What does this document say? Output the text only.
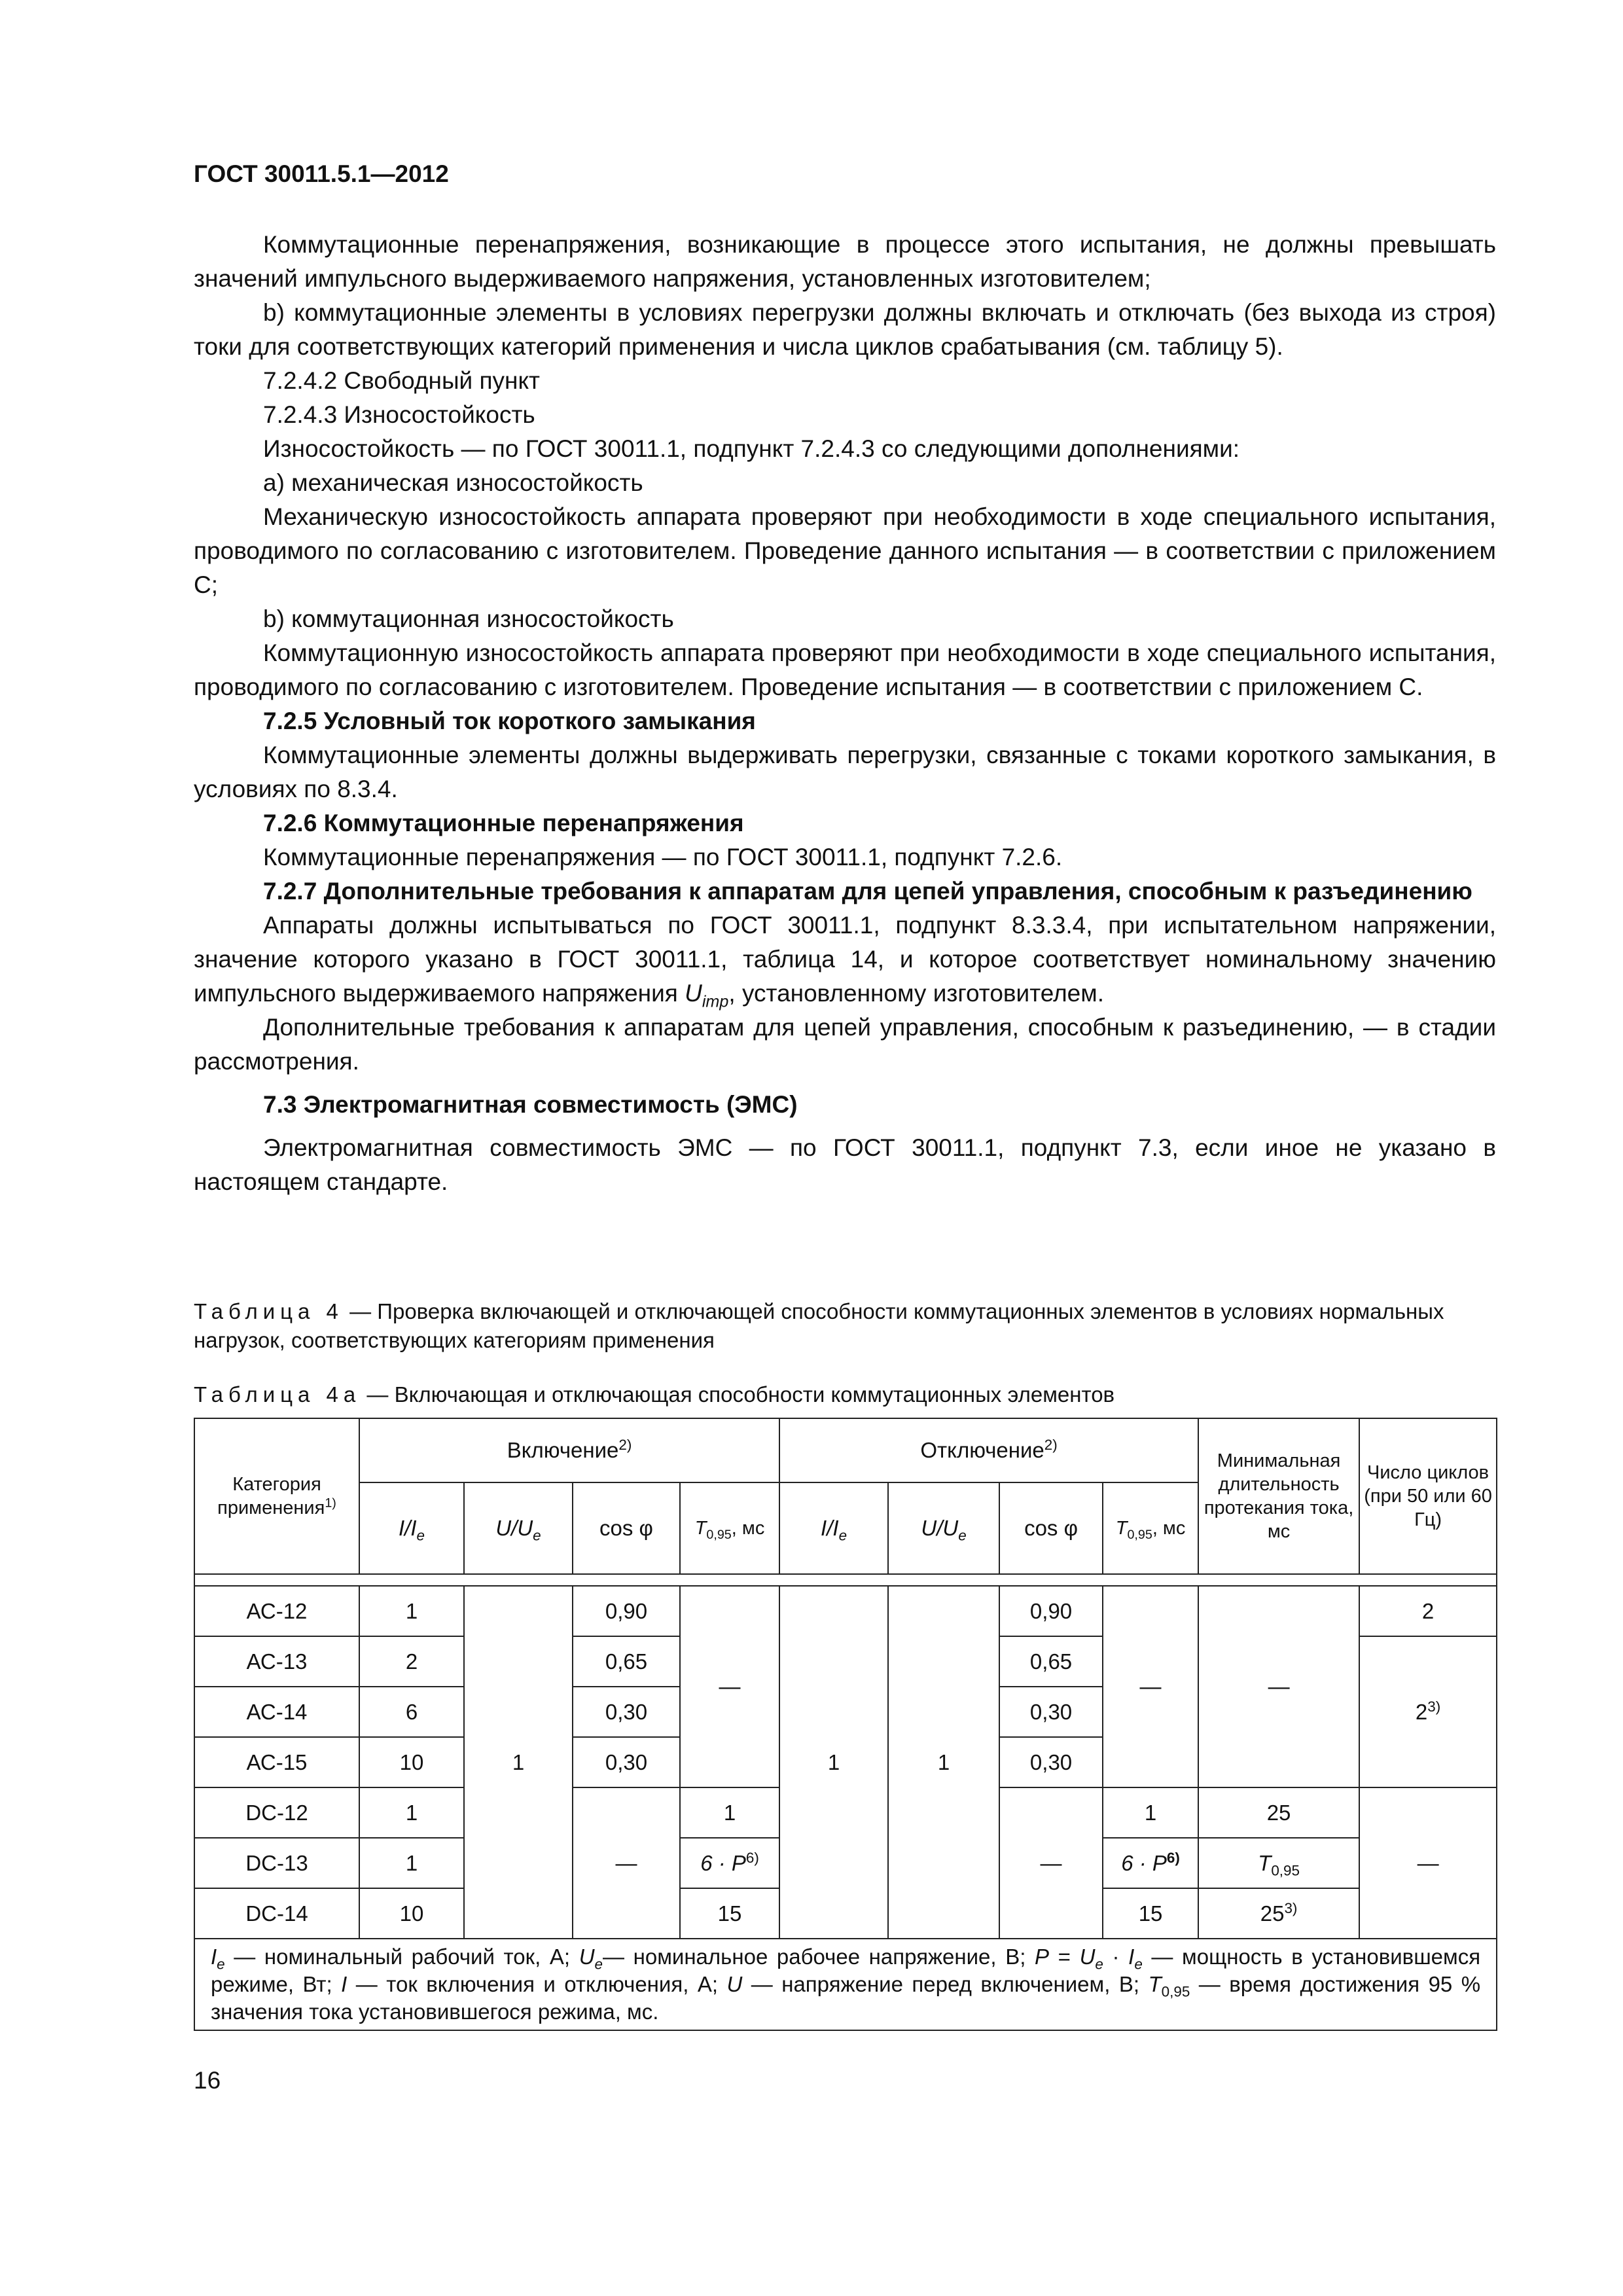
ГОСТ 30011.5.1—2012

Коммутационные перенапряжения, возникающие в процессе этого испытания, не должны превышать значений импульсного выдерживаемого напряжения, установленных изготовителем;

b) коммутационные элементы в условиях перегрузки должны включать и отключать (без выхода из строя) токи для соответствующих категорий применения и числа циклов срабатывания (см. таблицу 5).

7.2.4.2 Свободный пункт

7.2.4.3 Износостойкость

Износостойкость — по ГОСТ 30011.1, подпункт 7.2.4.3 со следующими дополнениями:

а) механическая износостойкость

Механическую износостойкость аппарата проверяют при необходимости в ходе специального испытания, проводимого по согласованию с изготовителем. Проведение данного испытания — в соответствии с приложением С;

b) коммутационная износостойкость

Коммутационную износостойкость аппарата проверяют при необходимости в ходе специального испытания, проводимого по согласованию с изготовителем. Проведение испытания — в соответствии с приложением С.

7.2.5 Условный ток короткого замыкания

Коммутационные элементы должны выдерживать перегрузки, связанные с токами короткого замыкания, в условиях по 8.3.4.

7.2.6 Коммутационные перенапряжения

Коммутационные перенапряжения — по ГОСТ 30011.1, подпункт 7.2.6.

7.2.7 Дополнительные требования к аппаратам для цепей управления, способным к разъединению

Аппараты должны испытываться по ГОСТ 30011.1, подпункт 8.3.3.4, при испытательном напряжении, значение которого указано в ГОСТ 30011.1, таблица 14, и которое соответствует номинальному значению импульсного выдерживаемого напряжения $U_{imp}$, установленному изготовителем.

Дополнительные требования к аппаратам для цепей управления, способным к разъединению, — в стадии рассмотрения.

7.3 Электромагнитная совместимость (ЭМС)

Электромагнитная совместимость ЭМС — по ГОСТ 30011.1, подпункт 7.3, если иное не указано в настоящем стандарте.

Таблица 4 — Проверка включающей и отключающей способности коммутационных элементов в условиях нормальных нагрузок, соответствующих категориям применения

Таблица 4а — Включающая и отключающая способности коммутационных элементов

Категория применения$^{1)}$	Включение$^{2)}$				Отключение$^{2)}$				Минимальная длительность протекания тока, мс	Число циклов (при 50 или 60 Гц)
	$I/I_e$	$U/U_e$	cos φ	$T_{0,95}$, мс	$I/I_e$	$U/U_e$	cos φ	$T_{0,95}$, мс		

АС-12	1	1	0,90	—	1	1	0,90	—	—	2
АС-13	2		0,65				0,65			2$^{3)}$
АС-14	6		0,30				0,30			
АС-15	10		0,30				0,30			
DC-12	1		—	1			—	1	25	—
DC-13	1			$6 \cdot P^{6)}$				$6 \cdot P^{6)}$	$T_{0,95}$
DC-14	10			15				15	25$^{3)}$
$I_e$ — номинальный рабочий ток, А; $U_e—$ номинальное рабочее напряжение, В; $P = U_e \cdot I_e$ — мощность в установившемся режиме, Вт; I — ток включения и отключения, А; U — напряжение перед включением, В; $T_{0,95}$ — время достижения 95 % значения тока установившегося режима, мс.										
16
